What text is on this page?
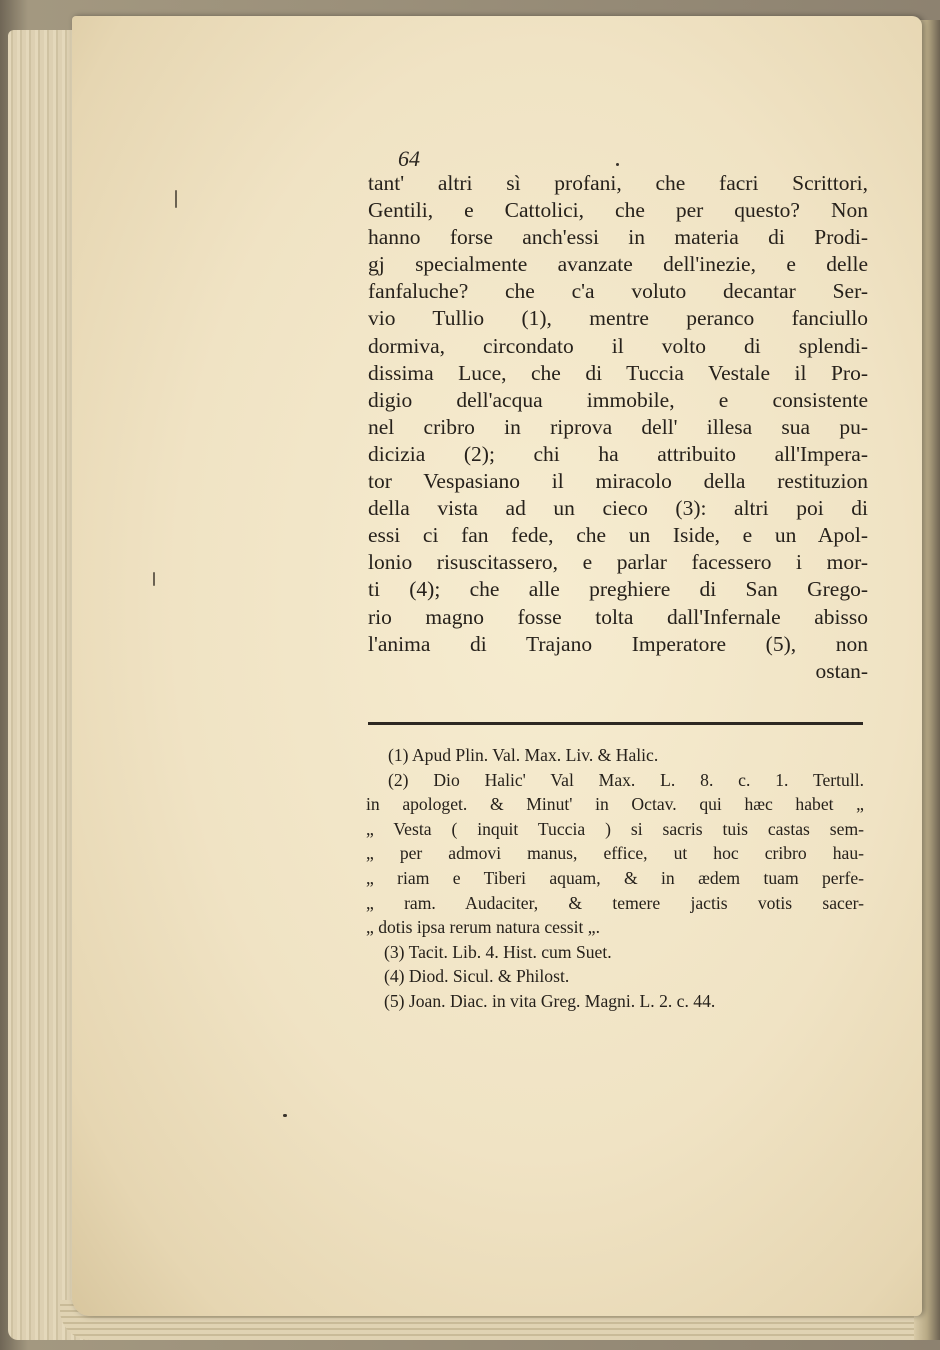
64
tant' altri sì profani, che facri Scrittori,
Gentili, e Cattolici, che per questo? Non
hanno forse anch'essi in materia di Prodi-
gj specialmente avanzate dell'inezie, e delle
fanfaluche? che c'a voluto decantar Ser-
vio Tullio (1), mentre peranco fanciullo
dormiva, circondato il volto di splendi-
dissima Luce, che di Tuccia Vestale il Pro-
digio dell'acqua immobile, e consistente
nel cribro in riprova dell' illesa sua pu-
dicizia (2); chi ha attribuito all'Impera-
tor Vespasiano il miracolo della restituzion
della vista ad un cieco (3): altri poi di
essi ci fan fede, che un Iside, e un Apol-
lonio risuscitassero, e parlar facessero i mor-
ti (4); che alle preghiere di San Grego-
rio magno fosse tolta dall'Infernale abisso
l'anima di Trajano Imperatore (5), non
ostan-
(1) Apud Plin. Val. Max. Liv. & Halic.
(2) Dio Halic' Val Max. L. 8. c. 1. Tertull.
in apologet. & Minut' in Octav. qui hæc habet „
„ Vesta ( inquit Tuccia ) si sacris tuis castas sem-
„ per admovi manus, effice, ut hoc cribro hau-
„ riam e Tiberi aquam, & in ædem tuam perfe-
„ ram. Audaciter, & temere jactis votis sacer-
„ dotis ipsa rerum natura cessit „.
(3) Tacit. Lib. 4. Hist. cum Suet.
(4) Diod. Sicul. & Philost.
(5) Joan. Diac. in vita Greg. Magni. L. 2. c. 44.
